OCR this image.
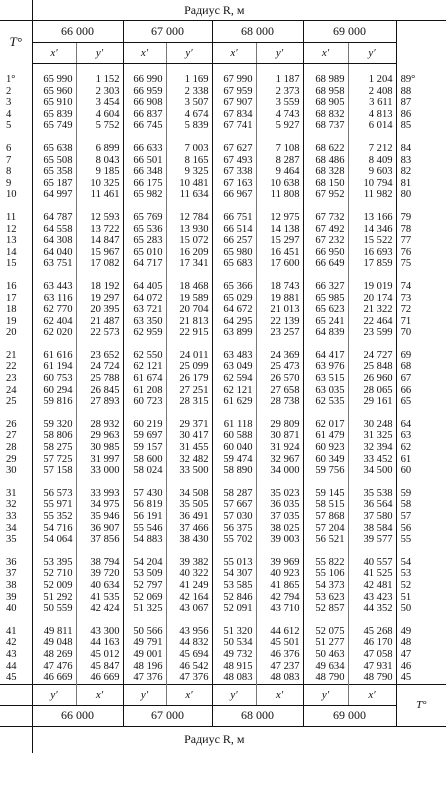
	Радиус R, м								
T°	66 000		67 000		68 000		69 000		
	x′	y′	x′	y′	x′	y′	x′	y′	
1°	65 990	1 152	66 990	1 169	67 990	1 187	68 989	1 204	89°
2	65 960	2 303	66 959	2 338	67 959	2 373	68 958	2 408	88
3	65 910	3 454	66 908	3 507	67 907	3 559	68 905	3 611	87
4	65 839	4 604	66 837	4 674	67 834	4 743	68 832	4 813	86
5	65 749	5 752	66 745	5 839	67 741	5 927	68 737	6 014	85

6	65 638	6 899	66 633	7 003	67 627	7 108	68 622	7 212	84
7	65 508	8 043	66 501	8 165	67 493	8 287	68 486	8 409	83
8	65 358	9 185	66 348	9 325	67 338	9 464	68 328	9 603	82
9	65 187	10 325	66 175	10 481	67 163	10 638	68 150	10 794	81
10	64 997	11 461	65 982	11 634	66 967	11 808	67 952	11 982	80

11	64 787	12 593	65 769	12 784	66 751	12 975	67 732	13 166	79
12	64 558	13 722	65 536	13 930	66 514	14 138	67 492	14 346	78
13	64 308	14 847	65 283	15 072	66 257	15 297	67 232	15 522	77
14	64 040	15 967	65 010	16 209	65 980	16 451	66 950	16 693	76
15	63 751	17 082	64 717	17 341	65 683	17 600	66 649	17 859	75

16	63 443	18 192	64 405	18 468	65 366	18 743	66 327	19 019	74
17	63 116	19 297	64 072	19 589	65 029	19 881	65 985	20 174	73
18	62 770	20 395	63 721	20 704	64 672	21 013	65 623	21 322	72
19	62 404	21 487	63 350	21 813	64 295	22 139	65 241	22 464	71
20	62 020	22 573	62 959	22 915	63 899	23 257	64 839	23 599	70

21	61 616	23 652	62 550	24 011	63 483	24 369	64 417	24 727	69
22	61 194	24 724	62 121	25 099	63 049	25 473	63 976	25 848	68
23	60 753	25 788	61 674	26 179	62 594	26 570	63 515	26 960	67
24	60 294	26 845	61 208	27 251	62 121	27 658	63 035	28 065	66
25	59 816	27 893	60 723	28 315	61 629	28 738	62 535	29 161	65

26	59 320	28 932	60 219	29 371	61 118	29 809	62 017	30 248	64
27	58 806	29 963	59 697	30 417	60 588	30 871	61 479	31 325	63
28	58 275	30 985	59 157	31 455	60 040	31 924	60 923	32 394	62
29	57 725	31 997	58 600	32 482	59 474	32 967	60 349	33 452	61
30	57 158	33 000	58 024	33 500	58 890	34 000	59 756	34 500	60

31	56 573	33 993	57 430	34 508	58 287	35 023	59 145	35 538	59
32	55 971	34 975	56 819	35 505	57 667	36 035	58 515	36 564	58
33	55 352	35 946	56 191	36 491	57 030	37 035	57 868	37 580	57
34	54 716	36 907	55 546	37 466	56 375	38 025	57 204	38 584	56
35	54 064	37 856	54 883	38 430	55 702	39 003	56 521	39 577	55

36	53 395	38 794	54 204	39 382	55 013	39 969	55 822	40 557	54
37	52 710	39 720	53 509	40 322	54 307	40 923	55 106	41 525	53
38	52 009	40 634	52 797	41 249	53 585	41 865	54 373	42 481	52
39	51 292	41 535	52 069	42 164	52 846	42 794	53 623	43 423	51
40	50 559	42 424	51 325	43 067	52 091	43 710	52 857	44 352	50

41	49 811	43 300	50 566	43 956	51 320	44 612	52 075	45 268	49
42	49 048	44 163	49 791	44 832	50 534	45 501	51 277	46 170	48
43	48 269	45 012	49 001	45 694	49 732	46 376	50 463	47 058	47
44	47 476	45 847	48 196	46 542	48 915	47 237	49 634	47 931	46
45	46 669	46 669	47 376	47 376	48 083	48 083	48 790	48 790	45
	y′	x′	y′	x′	y′	x′	y′	x′	T°
	66 000		67 000		68 000		69 000		
	Радиус R, м								
